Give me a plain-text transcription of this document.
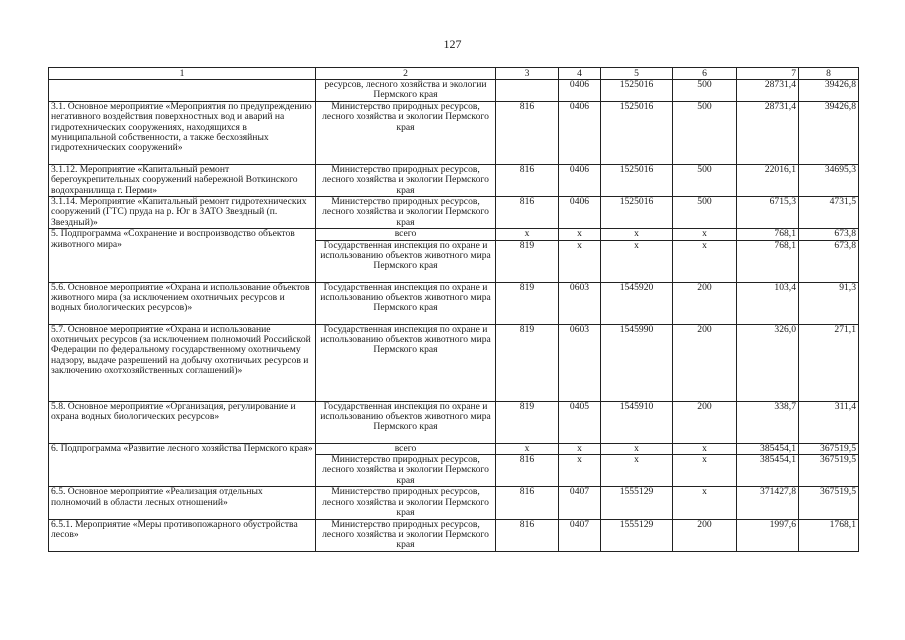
127
1	2	3	4	5	6	7	8
	ресурсов, лесного хозяйства и экологии Пермского края		0406	1525016	500	28731,4	39426,8
3.1. Основное мероприятие «Мероприятия по предупреждению негативного воздействия поверхностных вод и аварий на гидротехнических сооружениях, находящихся в муниципальной собственности, а также бесхозяйных гидротехнических сооружений»	Министерство природных ресурсов, лесного хозяйства и экологии Пермского края	816	0406	1525016	500	28731,4	39426,8
3.1.12. Мероприятие «Капитальный ремонт берегоукрепительных сооружений набережной Воткинского водохранилища г. Перми»	Министерство природных ресурсов, лесного хозяйства и экологии Пермского края	816	0406	1525016	500	22016,1	34695,3
3.1.14. Мероприятие «Капитальный ремонт гидротехнических сооружений (ГТС) пруда на р. Юг в ЗАТО Звездный (п. Звездный)»	Министерство природных ресурсов, лесного хозяйства и экологии Пермского края	816	0406	1525016	500	6715,3	4731,5
5. Подпрограмма «Сохранение и воспроизводство объектов животного мира»	всего	x	x	x	x	768,1	673,8
	Государственная инспекция по охране и использованию объектов животного мира Пермского края	819	x	x	x	768,1	673,8
5.6. Основное мероприятие «Охрана и использование объектов животного мира (за исключением охотничьих ресурсов и водных биологических ресурсов)»	Государственная инспекция по охране и использованию объектов животного мира Пермского края	819	0603	1545920	200	103,4	91,3
5.7. Основное мероприятие «Охрана и использование охотничьих ресурсов (за исключением полномочий Российской Федерации по федеральному государственному охотничьему надзору, выдаче разрешений на добычу охотничьих ресурсов и заключению охотхозяйственных соглашений)»	Государственная инспекция по охране и использованию объектов животного мира Пермского края	819	0603	1545990	200	326,0	271,1
5.8. Основное мероприятие «Организация, регулирование и охрана водных биологических ресурсов»	Государственная инспекция по охране и использованию объектов животного мира Пермского края	819	0405	1545910	200	338,7	311,4
6. Подпрограмма «Развитие лесного хозяйства Пермского края»	всего	x	x	x	x	385454,1	367519,5
	Министерство природных ресурсов, лесного хозяйства и экологии Пермского края	816	x	x	x	385454,1	367519,5
6.5. Основное мероприятие «Реализация отдельных полномочий в области лесных отношений»	Министерство природных ресурсов, лесного хозяйства и экологии Пермского края	816	0407	1555129	x	371427,8	367519,5
6.5.1. Мероприятие «Меры противопожарного обустройства лесов»	Министерство природных ресурсов, лесного хозяйства и экологии Пермского края	816	0407	1555129	200	1997,6	1768,1
